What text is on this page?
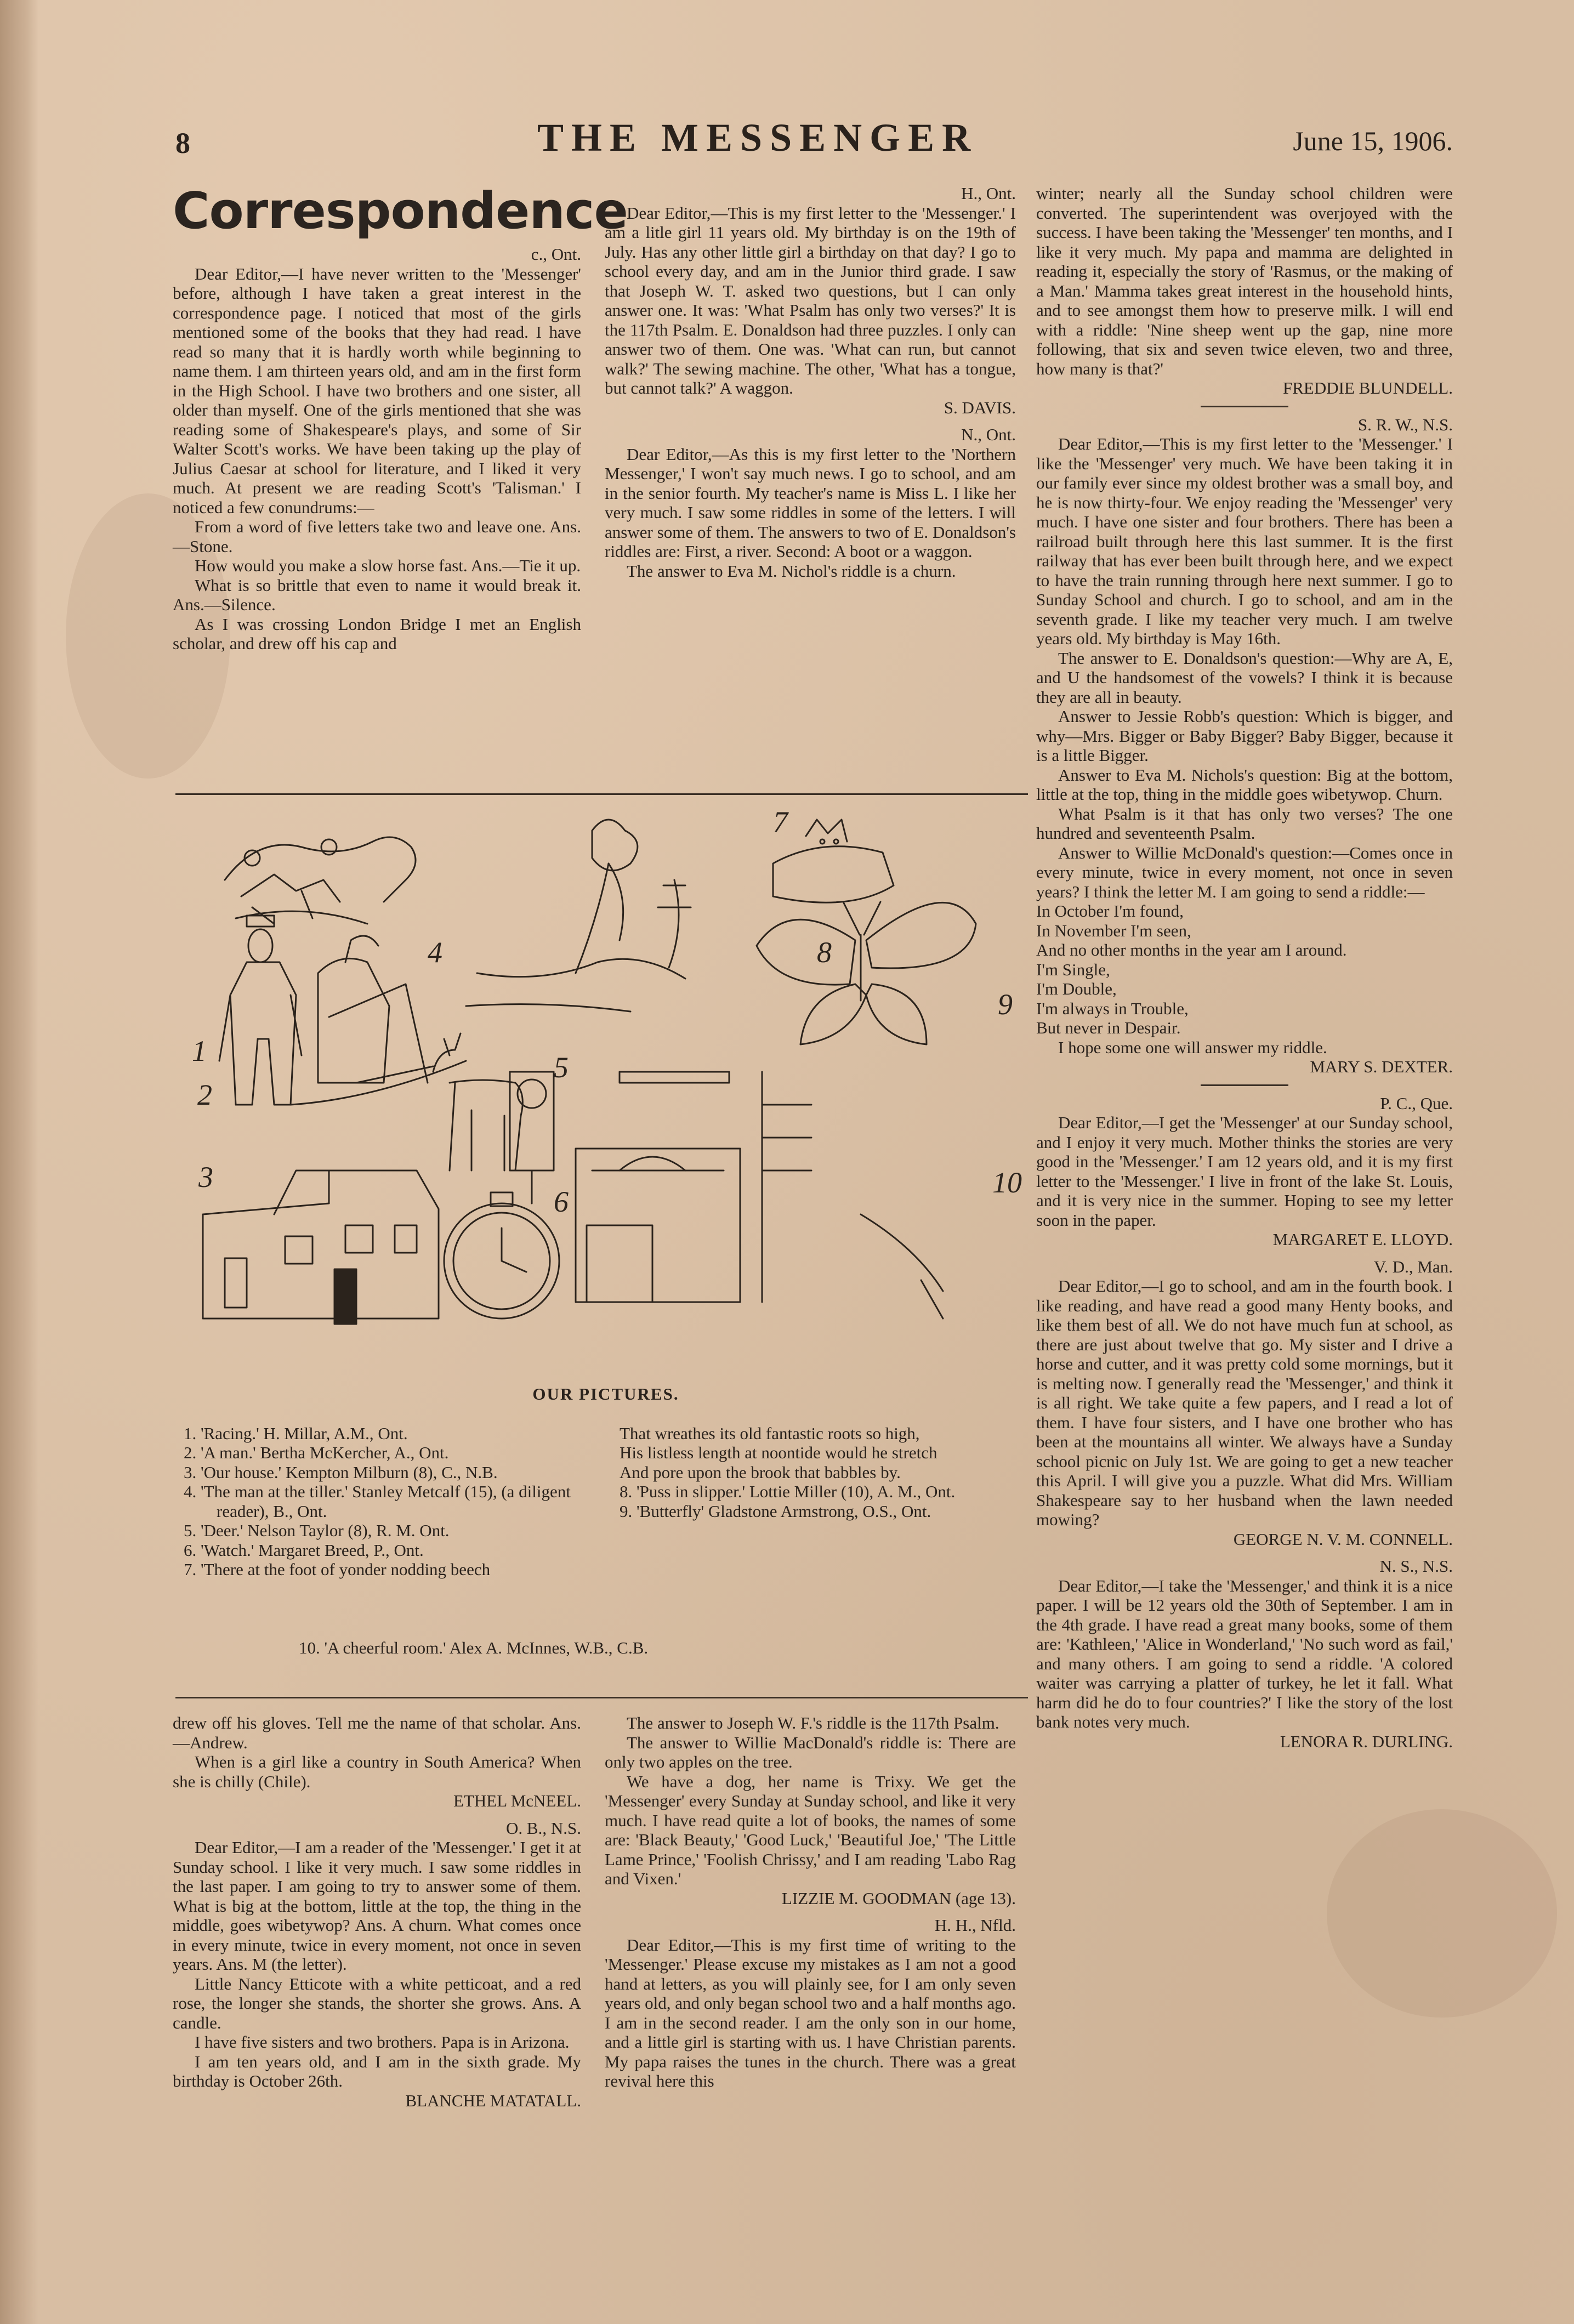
8	THE MESSENGER	June 15, 1906.
Correspondence

c., Ont.

Dear Editor,—I have never written to the 'Messenger' before, although I have taken a great interest in the correspondence page. I noticed that most of the girls mentioned some of the books that they had read. I have read so many that it is hardly worth while beginning to name them. I am thirteen years old, and am in the first form in the High School. I have two brothers and one sister, all older than myself. One of the girls mentioned that she was reading some of Shakespeare's plays, and some of Sir Walter Scott's works. We have been taking up the play of Julius Caesar at school for literature, and I liked it very much. At present we are reading Scott's 'Talisman.' I noticed a few conundrums:—

From a word of five letters take two and leave one. Ans.—Stone.

How would you make a slow horse fast. Ans.—Tie it up.

What is so brittle that even to name it would break it. Ans.—Silence.

As I was crossing London Bridge I met an English scholar, and drew off his cap and

H., Ont.

Dear Editor,—This is my first letter to the 'Messenger.' I am a litle girl 11 years old. My birthday is on the 19th of July. Has any other little girl a birthday on that day? I go to school every day, and am in the Junior third grade. I saw that Joseph W. T. asked two questions, but I can only answer one. It was: 'What Psalm has only two verses?' It is the 117th Psalm. E. Donaldson had three puzzles. I only can answer two of them. One was. 'What can run, but cannot walk?' The sewing machine. The other, 'What has a tongue, but cannot talk?' A waggon.

S. DAVIS.

N., Ont.

Dear Editor,—As this is my first letter to the 'Northern Messenger,' I won't say much news. I go to school, and am in the senior fourth. My teacher's name is Miss L. I like her very much. I saw some riddles in some of the letters. I will answer some of them. The answers to two of E. Donaldson's riddles are: First, a river. Second: A boot or a waggon.

The answer to Eva M. Nichol's riddle is a churn.

winter; nearly all the Sunday school children were converted. The superintendent was overjoyed with the success. I have been taking the 'Messenger' ten months, and I like it very much. My papa and mamma are delighted in reading it, especially the story of 'Rasmus, or the making of a Man.' Mamma takes great interest in the household hints, and to see amongst them how to preserve milk. I will end with a riddle: 'Nine sheep went up the gap, nine more following, that six and seven twice eleven, two and three, how many is that?'

FREDDIE BLUNDELL.

S. R. W., N.S.

Dear Editor,—This is my first letter to the 'Messenger.' I like the 'Messenger' very much. We have been taking it in our family ever since my oldest brother was a small boy, and he is now thirty-four. We enjoy reading the 'Messenger' very much. I have one sister and four brothers. There has been a railroad built through here this last summer. It is the first railway that has ever been built through here, and we expect to have the train running through here next summer. I go to Sunday School and church. I go to school, and am in the seventh grade. I like my teacher very much. I am twelve years old. My birthday is May 16th.

The answer to E. Donaldson's question:—Why are A, E, and U the handsomest of the vowels? I think it is because they are all in beauty.

Answer to Jessie Robb's question: Which is bigger, and why—Mrs. Bigger or Baby Bigger? Baby Bigger, because it is a little Bigger.

Answer to Eva M. Nichols's question: Big at the bottom, little at the top, thing in the middle goes wibetywop. Churn.

What Psalm is it that has only two verses? The one hundred and seventeenth Psalm.

Answer to Willie McDonald's question:—Comes once in every minute, twice in every moment, not once in seven years? I think the letter M. I am going to send a riddle:—

In October I'm found,

In November I'm seen,

And no other months in the year am I around.

I'm Single,

I'm Double,

I'm always in Trouble,

But never in Despair.

I hope some one will answer my riddle.

MARY S. DEXTER.

P. C., Que.

Dear Editor,—I get the 'Messenger' at our Sunday school, and I enjoy it very much. Mother thinks the stories are very good in the 'Messenger.' I am 12 years old, and it is my first letter to the 'Messenger.' I live in front of the lake St. Louis, and it is very nice in the summer. Hoping to see my letter soon in the paper.

MARGARET E. LLOYD.

V. D., Man.

Dear Editor,—I go to school, and am in the fourth book. I like reading, and have read a good many Henty books, and like them best of all. We do not have much fun at school, as there are just about twelve that go. My sister and I drive a horse and cutter, and it was pretty cold some mornings, but it is melting now. I generally read the 'Messenger,' and think it is all right. We take quite a few papers, and I read a lot of them. I have four sisters, and I have one brother who has been at the mountains all winter. We always have a Sunday school picnic on July 1st. We are going to get a new teacher this April. I will give you a puzzle. What did Mrs. William Shakespeare say to her husband when the lawn needed mowing?

GEORGE N. V. M. CONNELL.

N. S., N.S.

Dear Editor,—I take the 'Messenger,' and think it is a nice paper. I will be 12 years old the 30th of September. I am in the 4th grade. I have read a great many books, some of them are: 'Kathleen,' 'Alice in Wonderland,' 'No such word as fail,' and many others. I am going to send a riddle. 'A colored waiter was carrying a platter of turkey, he let it fall. What harm did he do to four countries?' I like the story of the lost bank notes very much.

LENORA R. DURLING.

1
2
3
4
5
6
7
8
9
10
OUR PICTURES.

1. 'Racing.' H. Millar, A.M., Ont.

2. 'A man.' Bertha McKercher, A., Ont.

3. 'Our house.' Kempton Milburn (8), C., N.B.

4. 'The man at the tiller.' Stanley Metcalf (15), (a diligent reader), B., Ont.

5. 'Deer.' Nelson Taylor (8), R. M. Ont.

6. 'Watch.' Margaret Breed, P., Ont.

7. 'There at the foot of yonder nodding beech

That wreathes its old fantastic roots so high,

His listless length at noontide would he stretch

And pore upon the brook that babbles by.

8. 'Puss in slipper.' Lottie Miller (10), A. M., Ont.

9. 'Butterfly' Gladstone Armstrong, O.S., Ont.

10. 'A cheerful room.' Alex A. McInnes, W.B., C.B.

drew off his gloves. Tell me the name of that scholar. Ans.—Andrew.

When is a girl like a country in South America? When she is chilly (Chile).

ETHEL McNEEL.

O. B., N.S.

Dear Editor,—I am a reader of the 'Messenger.' I get it at Sunday school. I like it very much. I saw some riddles in the last paper. I am going to try to answer some of them. What is big at the bottom, little at the top, the thing in the middle, goes wibetywop? Ans. A churn. What comes once in every minute, twice in every moment, not once in seven years. Ans. M (the letter).

Little Nancy Etticote with a white petticoat, and a red rose, the longer she stands, the shorter she grows. Ans. A candle.

I have five sisters and two brothers. Papa is in Arizona.

I am ten years old, and I am in the sixth grade. My birthday is October 26th.

BLANCHE MATATALL.

The answer to Joseph W. F.'s riddle is the 117th Psalm.

The answer to Willie MacDonald's riddle is: There are only two apples on the tree.

We have a dog, her name is Trixy. We get the 'Messenger' every Sunday at Sunday school, and like it very much. I have read quite a lot of books, the names of some are: 'Black Beauty,' 'Good Luck,' 'Beautiful Joe,' 'The Little Lame Prince,' 'Foolish Chrissy,' and I am reading 'Labo Rag and Vixen.'

LIZZIE M. GOODMAN (age 13).

H. H., Nfld.

Dear Editor,—This is my first time of writing to the 'Messenger.' Please excuse my mistakes as I am not a good hand at letters, as you will plainly see, for I am only seven years old, and only began school two and a half months ago. I am in the second reader. I am the only son in our home, and a little girl is starting with us. I have Christian parents. My papa raises the tunes in the church. There was a great revival here this
